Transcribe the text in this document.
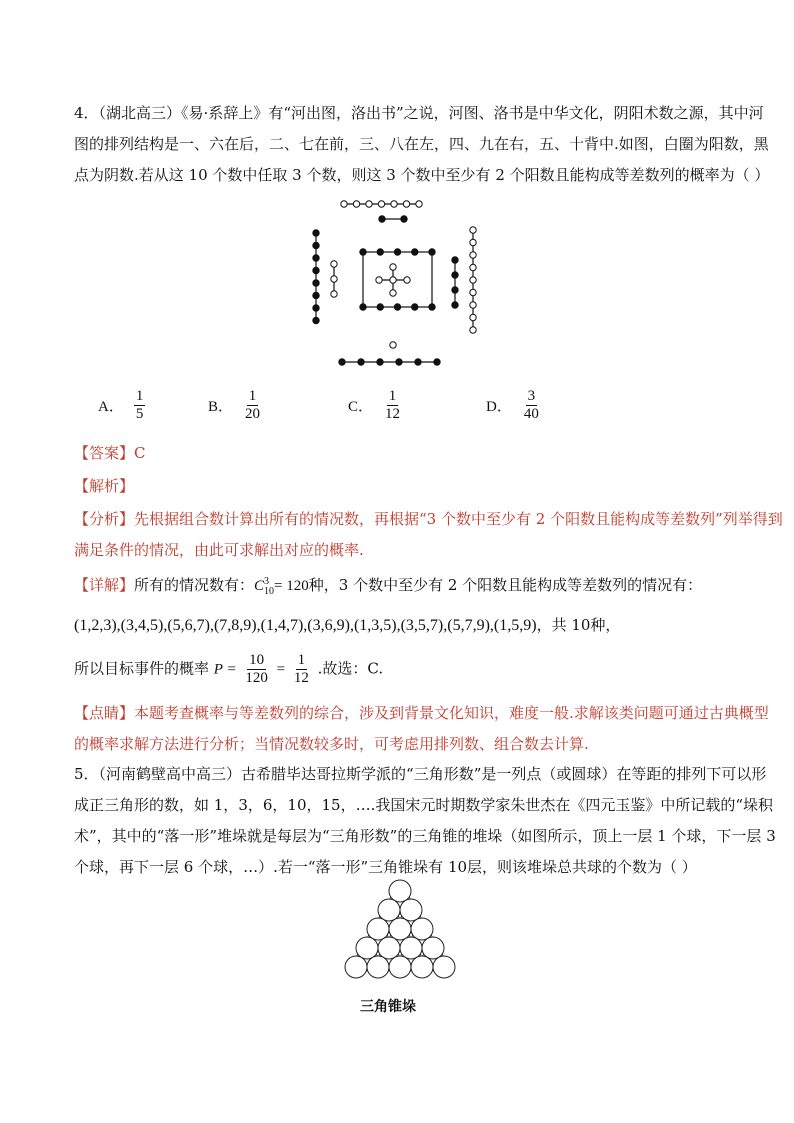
4．（湖北高三）《易·系辞上》有“河出图，洛出书”之说，河图、洛书是中华文化，阴阳术数之源，其中河
图的排列结构是一、六在后，二、七在前，三、八在左，四、九在右，五、十背中.如图，白圈为阳数，黑
点为阴数.若从这 10 个数中任取 3 个数，则这 3 个数中至少有 2 个阳数且能构成等差数列的概率为（ ）
A． $\frac{1}{5}$	B． $\frac{1}{20}$	C． $\frac{1}{12}$	D． $\frac{3}{40}$
【答案】C
【解析】
【分析】先根据组合数计算出所有的情况数，再根据“3 个数中至少有 2 个阳数且能构成等差数列”列举得到
满足条件的情况，由此可求解出对应的概率.
【详解】所有的情况数有：C 3
10 = 120种，3 个数中至少有 2 个阳数且能构成等差数列的情况有：
(1,2,3),(3,4,5),(5,6,7),(7,8,9),(1,4,7),(3,6,9),(1,3,5),(3,5,7),(5,7,9),(1,5,9)，共 10种，
所以目标事件的概率 $P = \frac{10}{120} = \frac{1}{12}$ .故选：C.
【点睛】本题考查概率与等差数列的综合，涉及到背景文化知识，难度一般.求解该类问题可通过古典概型
的概率求解方法进行分析；当情况数较多时，可考虑用排列数、组合数去计算.
5．（河南鹤壁高中高三）古希腊毕达哥拉斯学派的“三角形数”是一列点（或圆球）在等距的排列下可以形
成正三角形的数，如 1，3，6，10，15，….我国宋元时期数学家朱世杰在《四元玉鉴》中所记载的“垛积
术”，其中的“落一形”堆垛就是每层为“三角形数”的三角锥的堆垛（如图所示，顶上一层 1 个球，下一层 3
个球，再下一层 6 个球，…）.若一“落一形”三角锥垛有 10层，则该堆垛总共球的个数为（ ）
三角锥垛
